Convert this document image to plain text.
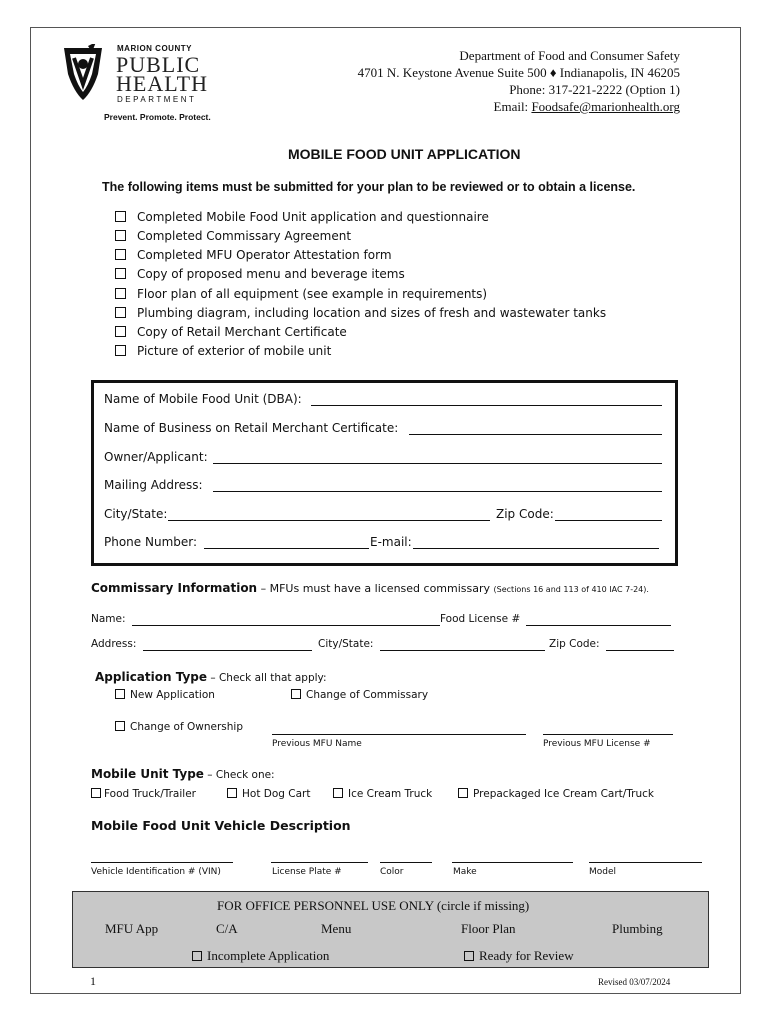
MARION COUNTY
PUBLIC
HEALTH
DEPARTMENT
Prevent. Promote. Protect.
Department of Food and Consumer Safety
4701 N. Keystone Avenue Suite 500 ♦ Indianapolis, IN 46205
Phone: 317-221-2222 (Option 1)
Email: Foodsafe@marionhealth.org
MOBILE FOOD UNIT APPLICATION
The following items must be submitted for your plan to be reviewed or to obtain a license.
Completed Mobile Food Unit application and questionnaire
Completed Commissary Agreement
Completed MFU Operator Attestation form
Copy of proposed menu and beverage items
Floor plan of all equipment (see example in requirements)
Plumbing diagram, including location and sizes of fresh and wastewater tanks
Copy of Retail Merchant Certificate
Picture of exterior of mobile unit
Name of Mobile Food Unit (DBA):
Name of Business on Retail Merchant Certificate:
Owner/Applicant:
Mailing Address:
City/State:	Zip Code:
Phone Number:	E-mail:
Commissary Information – MFUs must have a licensed commissary (Sections 16 and 113 of 410 IAC 7-24).
Name:	Food License #
Address:	City/State:	Zip Code:
Application Type – Check all that apply:
New Application	Change of Commissary
Change of Ownership
Previous MFU Name	Previous MFU License #
Mobile Unit Type – Check one:
Food Truck/Trailer	Hot Dog Cart	Ice Cream Truck	Prepackaged Ice Cream Cart/Truck
Mobile Food Unit Vehicle Description
Vehicle Identification # (VIN)	License Plate #	Color	Make	Model
FOR OFFICE PERSONNEL USE ONLY (circle if missing)
MFU App	C/A	Menu	Floor Plan	Plumbing
Incomplete Application	Ready for Review
1	Revised 03/07/2024
